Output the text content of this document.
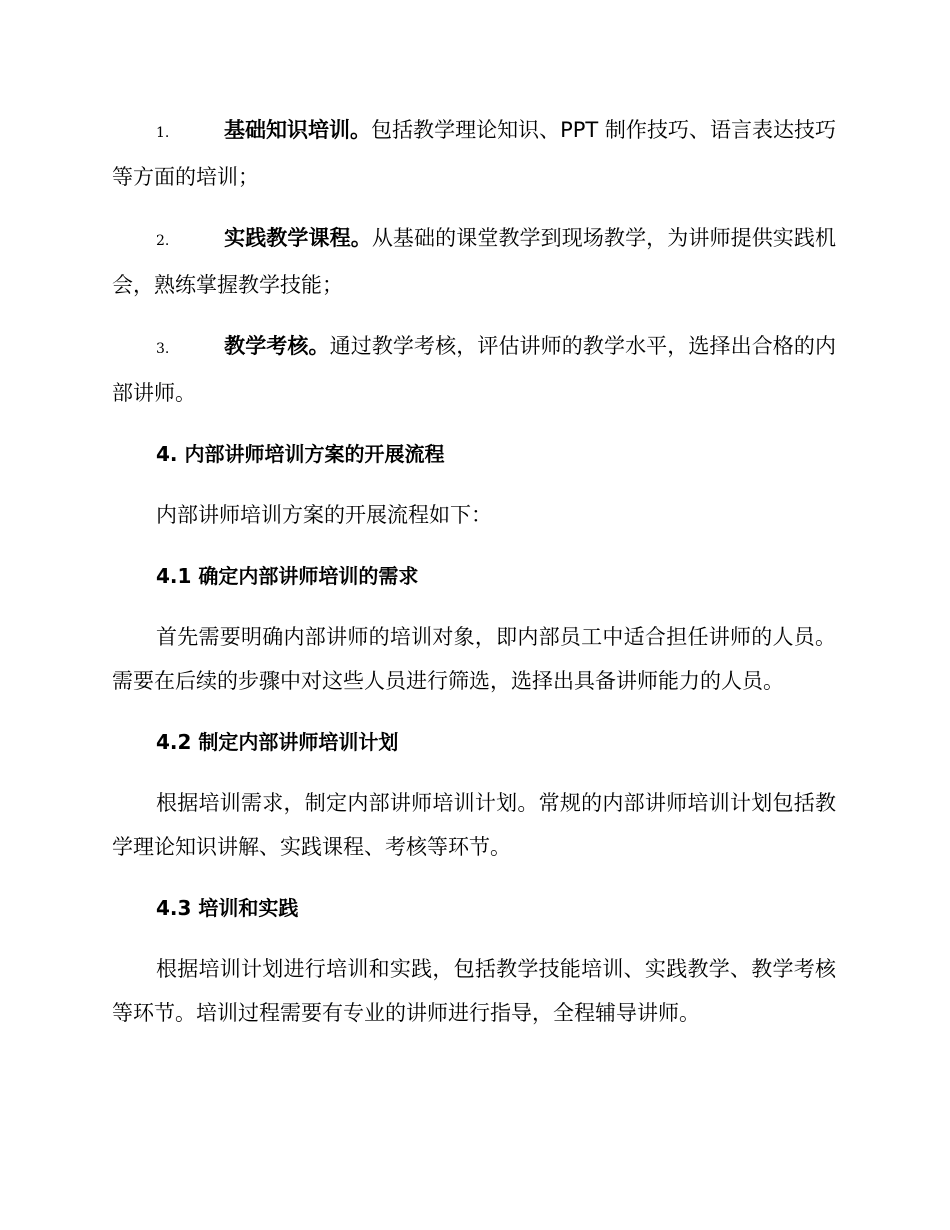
1.	基础知识培训。包括教学理论知识、PPT 制作技巧、语言表达技巧等方面的培训；
2.	实践教学课程。从基础的课堂教学到现场教学，为讲师提供实践机会，熟练掌握教学技能；
3.	教学考核。通过教学考核，评估讲师的教学水平，选择出合格的内部讲师。
4. 内部讲师培训方案的开展流程
内部讲师培训方案的开展流程如下：
4.1 确定内部讲师培训的需求
首先需要明确内部讲师的培训对象，即内部员工中适合担任讲师的人员。需要在后续的步骤中对这些人员进行筛选，选择出具备讲师能力的人员。
4.2 制定内部讲师培训计划
根据培训需求，制定内部讲师培训计划。常规的内部讲师培训计划包括教学理论知识讲解、实践课程、考核等环节。
4.3 培训和实践
根据培训计划进行培训和实践，包括教学技能培训、实践教学、教学考核等环节。培训过程需要有专业的讲师进行指导，全程辅导讲师。
